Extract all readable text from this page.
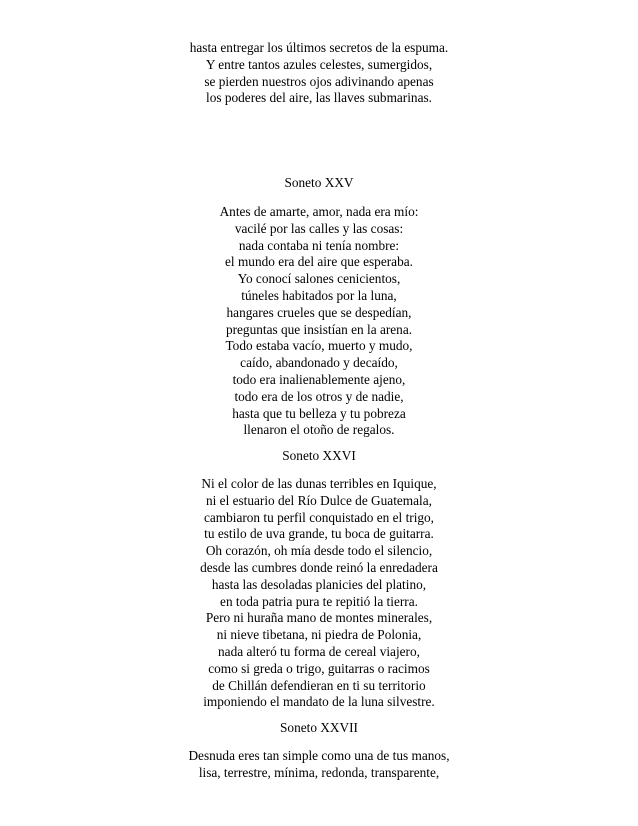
hasta entregar los últimos secretos de la espuma.
Y entre tantos azules celestes, sumergidos,
se pierden nuestros ojos adivinando apenas
los poderes del aire, las llaves submarinas.
Soneto XXV
Antes de amarte, amor, nada era mío:
vacilé por las calles y las cosas:
nada contaba ni tenía nombre:
el mundo era del aire que esperaba.
Yo conocí salones cenicientos,
túneles habitados por la luna,
hangares crueles que se despedían,
preguntas que insistían en la arena.
Todo estaba vacío, muerto y mudo,
caído, abandonado y decaído,
todo era inalienablemente ajeno,
todo era de los otros y de nadie,
hasta que tu belleza y tu pobreza
llenaron el otoño de regalos.
Soneto XXVI
Ni el color de las dunas terribles en Iquique,
ni el estuario del Río Dulce de Guatemala,
cambiaron tu perfil conquistado en el trigo,
tu estilo de uva grande, tu boca de guitarra.
Oh corazón, oh mía desde todo el silencio,
desde las cumbres donde reinó la enredadera
hasta las desoladas planicies del platino,
en toda patria pura te repitió la tierra.
Pero ni huraña mano de montes minerales,
ni nieve tibetana, ni piedra de Polonia,
nada alteró tu forma de cereal viajero,
como si greda o trigo, guitarras o racimos
de Chillán defendieran en ti su territorio
imponiendo el mandato de la luna silvestre.
Soneto XXVII
Desnuda eres tan simple como una de tus manos,
lisa, terrestre, mínima, redonda, transparente,
